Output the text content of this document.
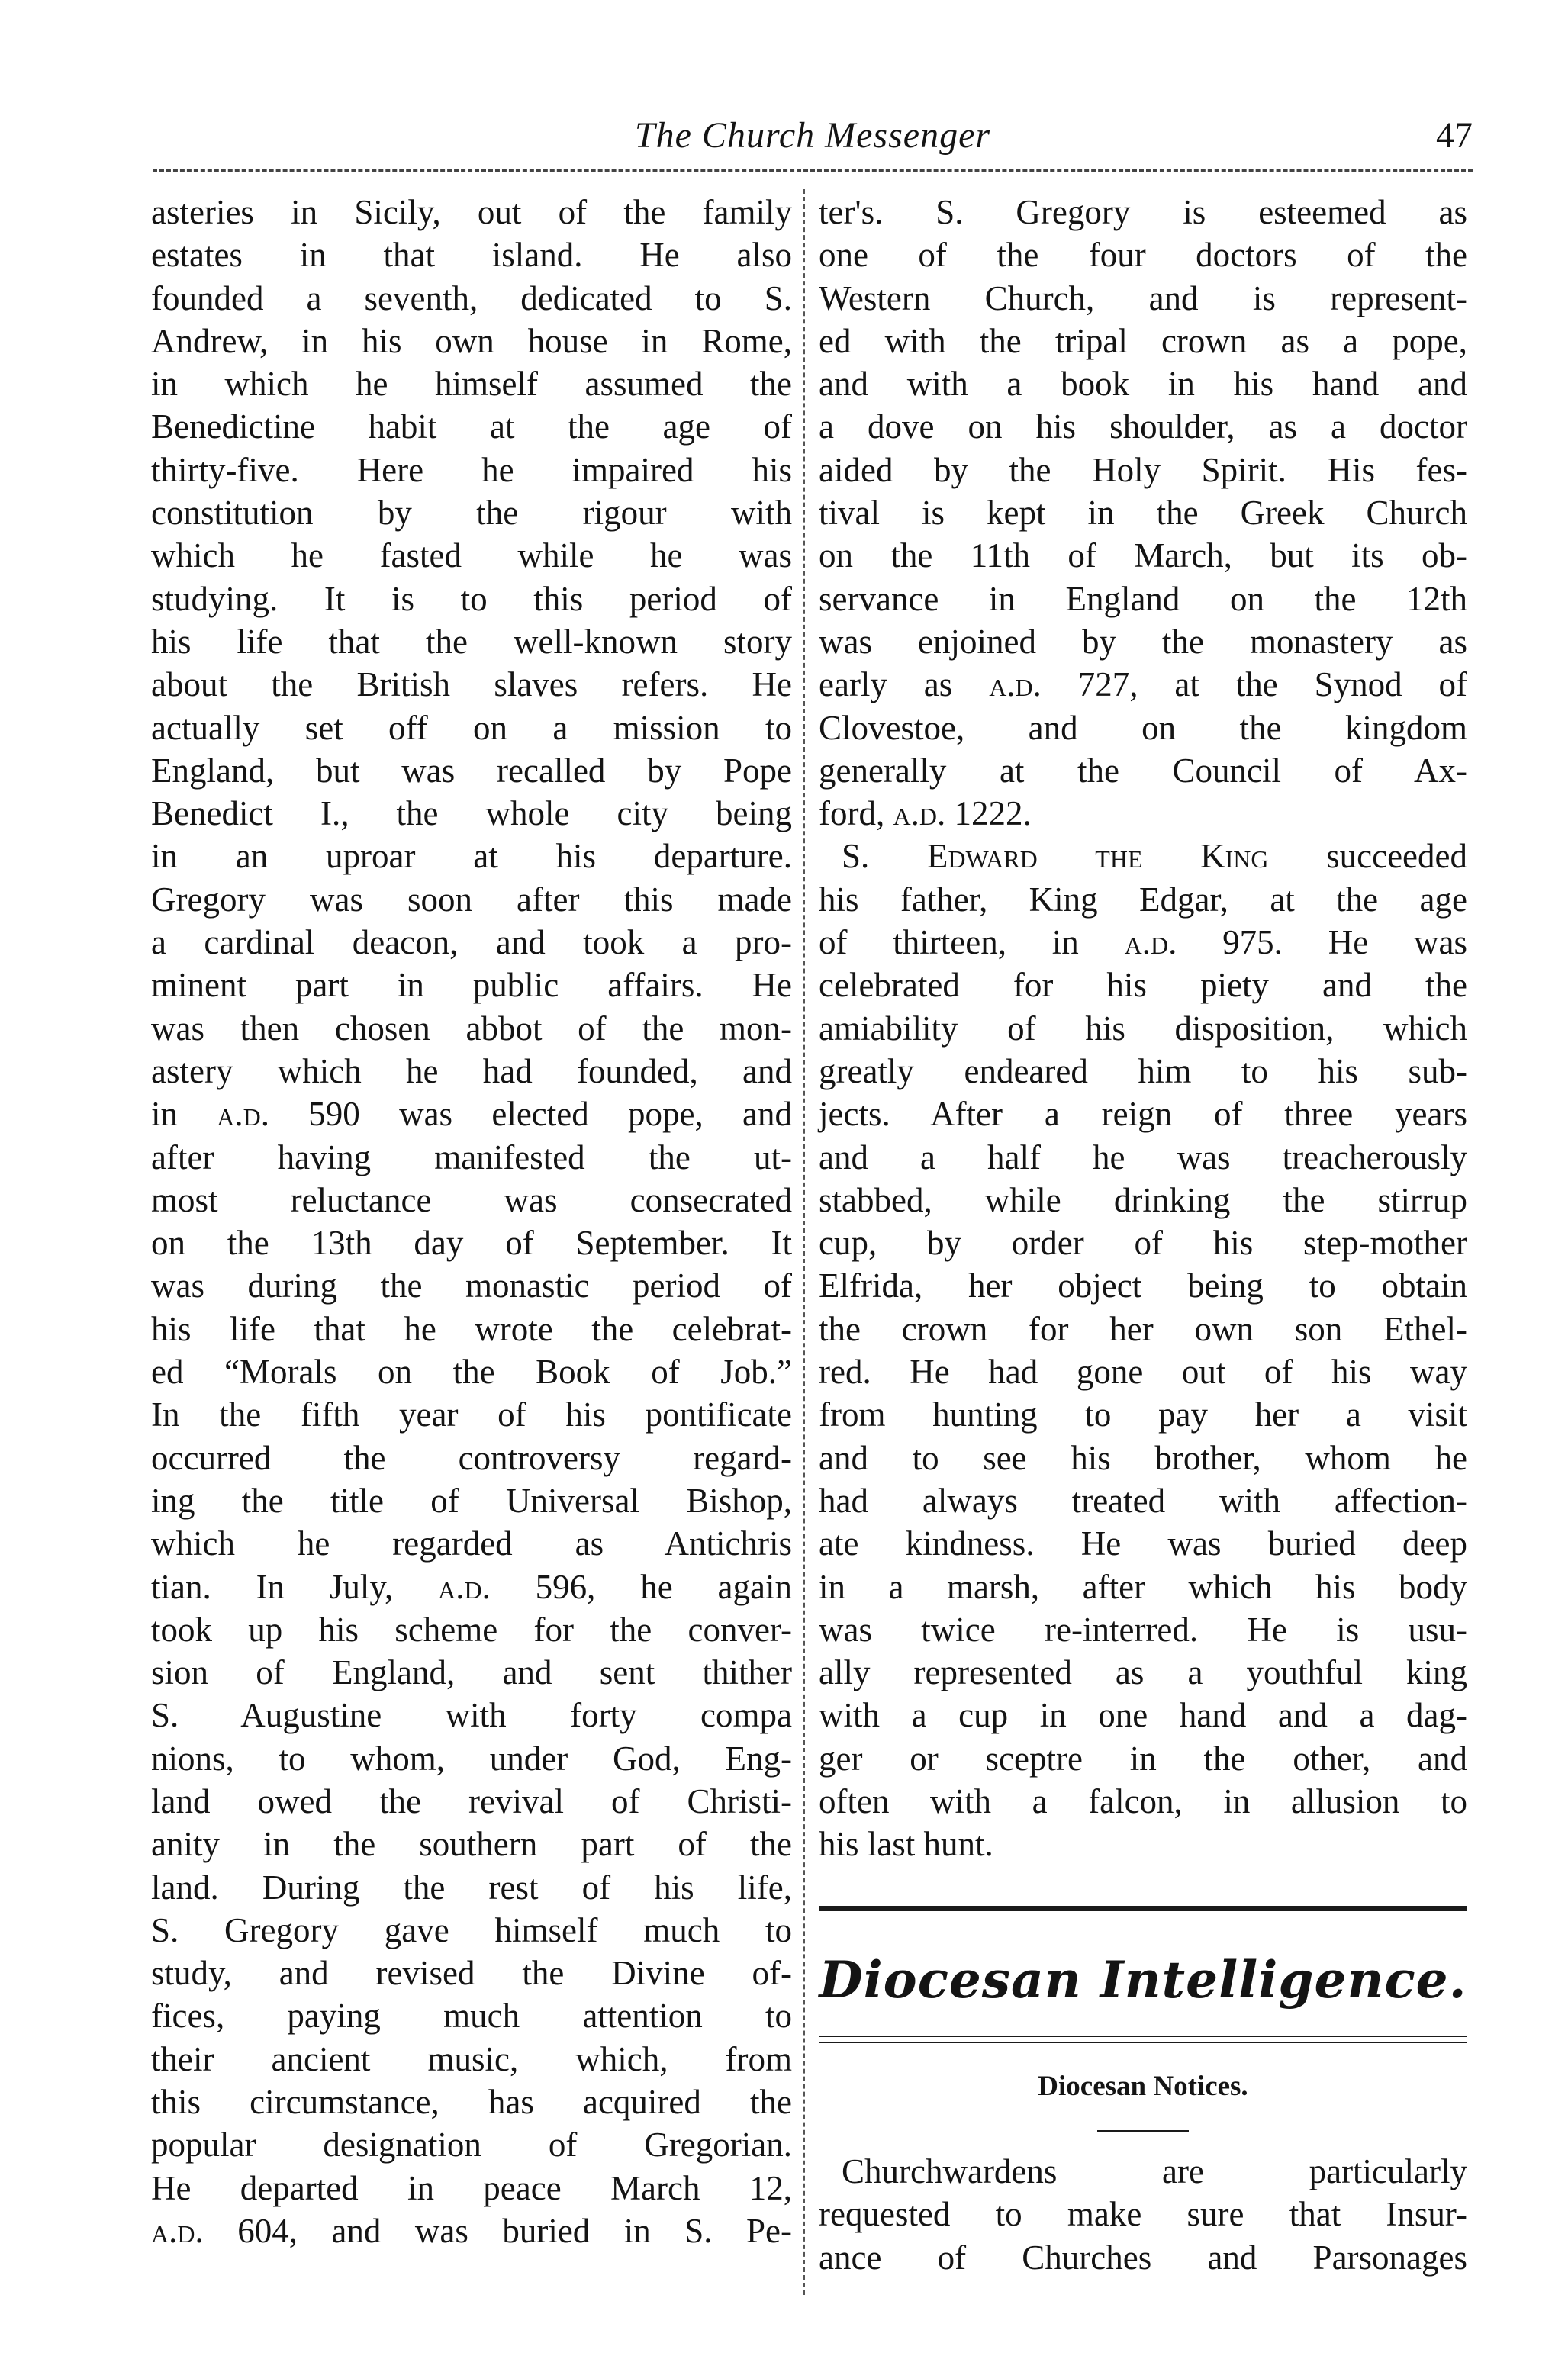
The Church Messenger	47
asteries in Sicily, out of the family
estates in that island. He also
founded a seventh, dedicated to S.
Andrew, in his own house in Rome,
in which he himself assumed the
Benedictine habit at the age of
thirty-five. Here he impaired his
constitution by the rigour with
which he fasted while he was
studying. It is to this period of
his life that the well-known story
about the British slaves refers. He
actually set off on a mission to
England, but was recalled by Pope
Benedict I., the whole city being
in an uproar at his departure.
Gregory was soon after this made
a cardinal deacon, and took a pro-
minent part in public affairs. He
was then chosen abbot of the mon-
astery which he had founded, and
in a.d. 590 was elected pope, and
after having manifested the ut-
most reluctance was consecrated
on the 13th day of September. It
was during the monastic period of
his life that he wrote the celebrat-
ed “Morals on the Book of Job.”
In the fifth year of his pontificate
occurred the controversy regard-
ing the title of Universal Bishop,
which he regarded as Antichris
tian. In July, a.d. 596, he again
took up his scheme for the conver-
sion of England, and sent thither
S. Augustine with forty compa
nions, to whom, under God, Eng-
land owed the revival of Christi-
anity in the southern part of the
land. During the rest of his life,
S. Gregory gave himself much to
study, and revised the Divine of-
fices, paying much attention to
their ancient music, which, from
this circumstance, has acquired the
popular designation of Gregorian.
He departed in peace March 12,
a.d. 604, and was buried in S. Pe-
ter's. S. Gregory is esteemed as
one of the four doctors of the
Western Church, and is represent-
ed with the tripal crown as a pope,
and with a book in his hand and
a dove on his shoulder, as a doctor
aided by the Holy Spirit. His fes-
tival is kept in the Greek Church
on the 11th of March, but its ob-
servance in England on the 12th
was enjoined by the monastery as
early as a.d. 727, at the Synod of
Clovestoe, and on the kingdom
generally at the Council of Ax-
ford, a.d. 1222.
S. Edward the King succeeded
his father, King Edgar, at the age
of thirteen, in a.d. 975. He was
celebrated for his piety and the
amiability of his disposition, which
greatly endeared him to his sub-
jects. After a reign of three years
and a half he was treacherously
stabbed, while drinking the stirrup
cup, by order of his step-mother
Elfrida, her object being to obtain
the crown for her own son Ethel-
red. He had gone out of his way
from hunting to pay her a visit
and to see his brother, whom he
had always treated with affection-
ate kindness. He was buried deep
in a marsh, after which his body
was twice re-interred. He is usu-
ally represented as a youthful king
with a cup in one hand and a dag-
ger or sceptre in the other, and
often with a falcon, in allusion to
his last hunt.
Diocesan Intelligence.
Diocesan Notices.
Churchwardens are particularly
requested to make sure that Insur-
ance of Churches and Parsonages
